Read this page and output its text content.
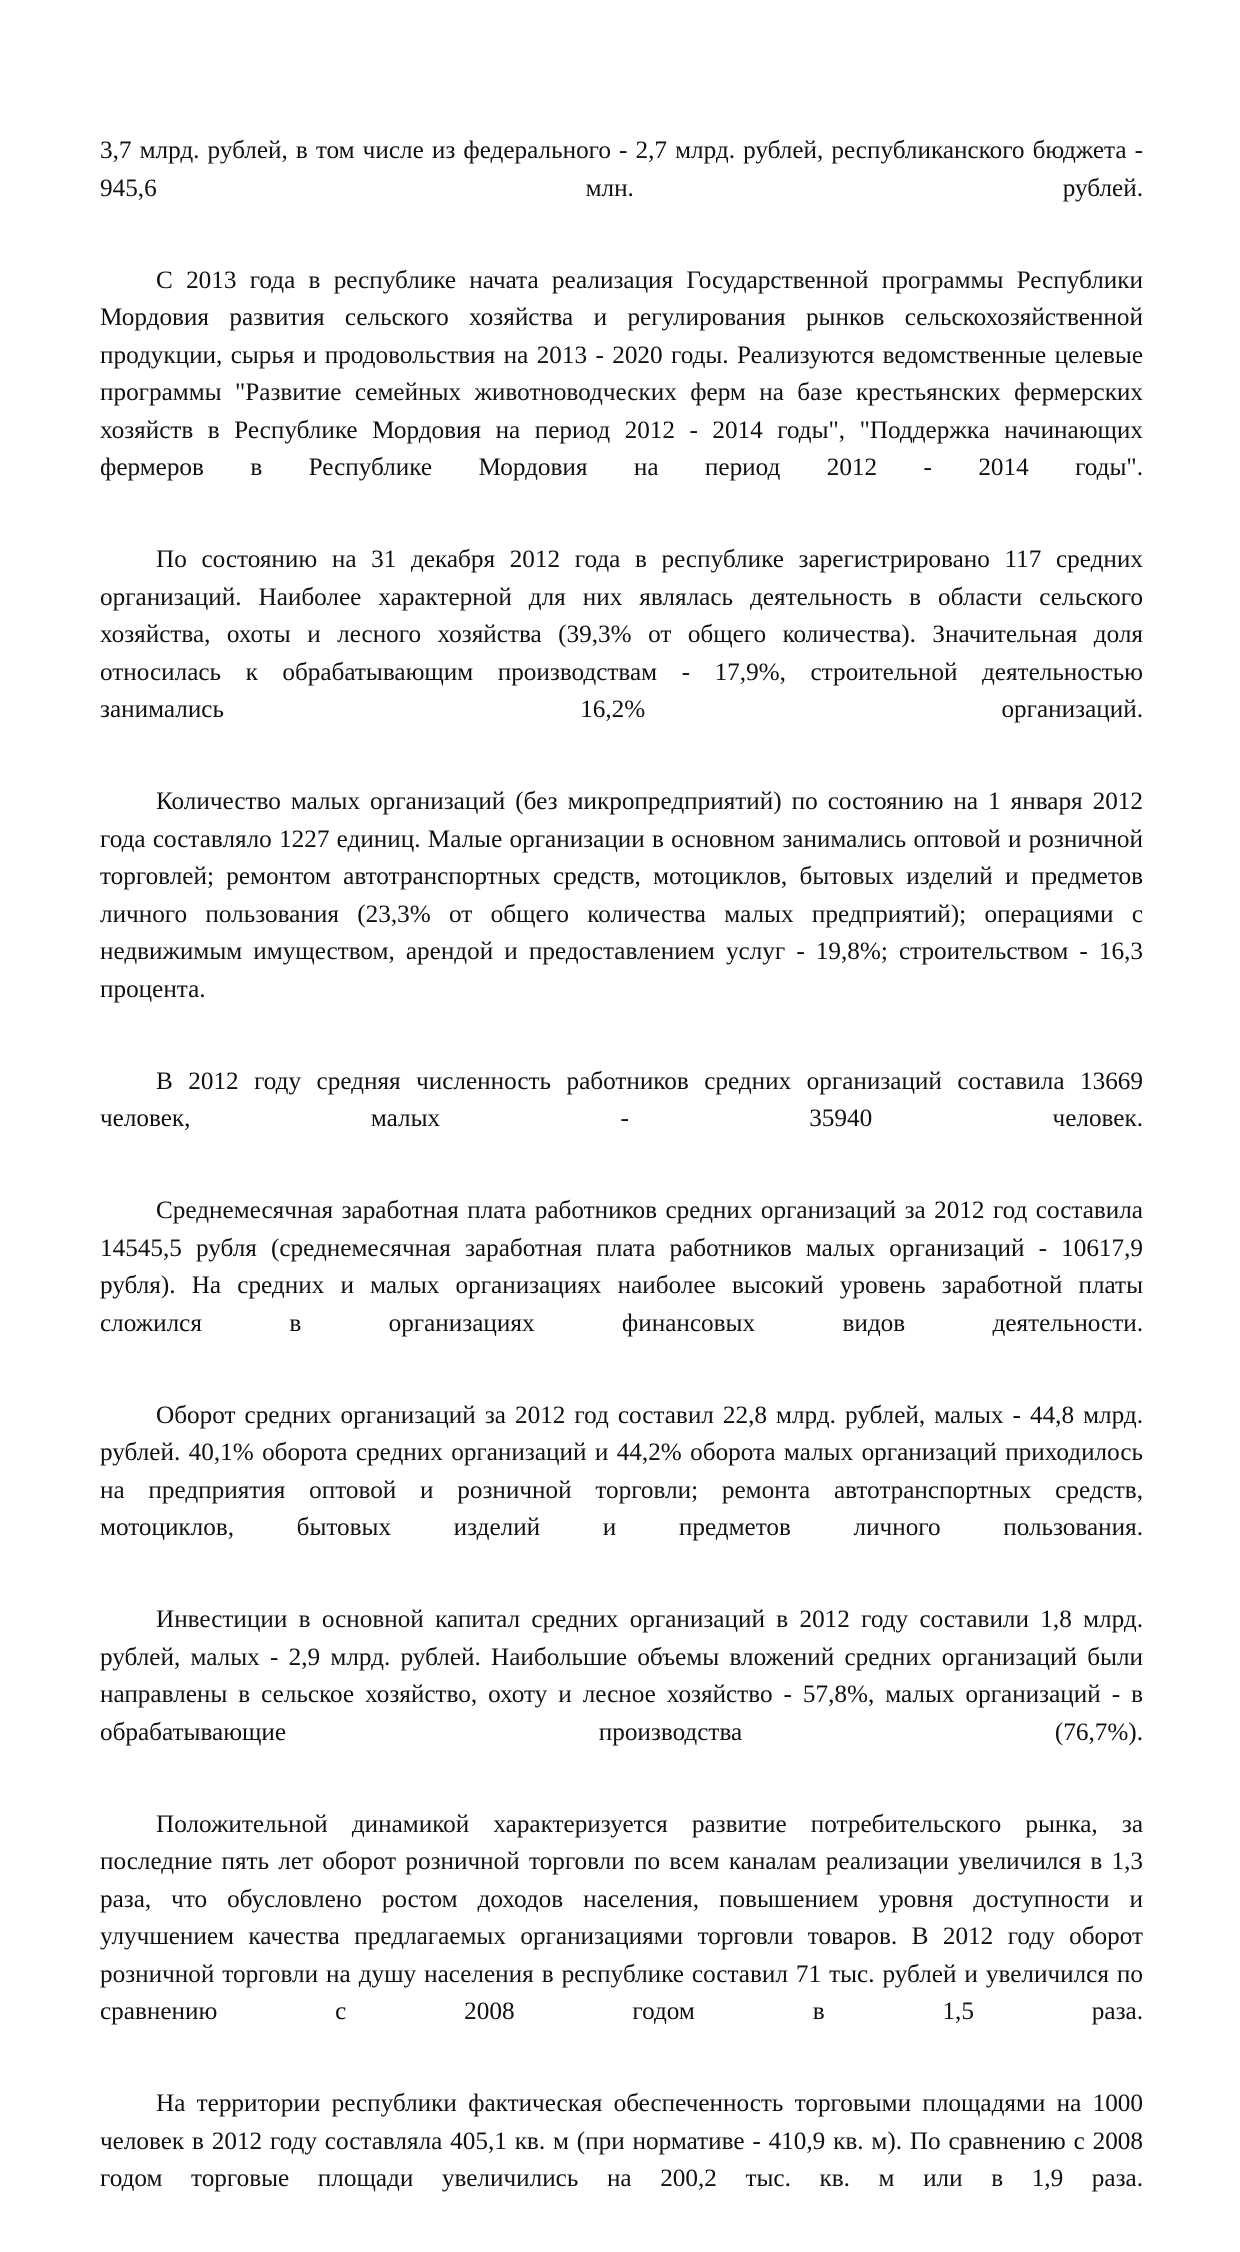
3,7 млрд. рублей, в том числе из федерального - 2,7 млрд. рублей, республиканского бюджета - 945,6 млн. рублей.

С 2013 года в республике начата реализация Государственной программы Республики Мордовия развития сельского хозяйства и регулирования рынков сельскохозяйственной продукции, сырья и продовольствия на 2013 - 2020 годы. Реализуются ведомственные целевые программы "Развитие семейных животноводческих ферм на базе крестьянских фермерских хозяйств в Республике Мордовия на период 2012 - 2014 годы", "Поддержка начинающих фермеров в Республике Мордовия на период 2012 - 2014 годы".

По состоянию на 31 декабря 2012 года в республике зарегистрировано 117 средних организаций. Наиболее характерной для них являлась деятельность в области сельского хозяйства, охоты и лесного хозяйства (39,3% от общего количества). Значительная доля относилась к обрабатывающим производствам - 17,9%, строительной деятельностью занимались 16,2% организаций.

Количество малых организаций (без микропредприятий) по состоянию на 1 января 2012 года составляло 1227 единиц. Малые организации в основном занимались оптовой и розничной торговлей; ремонтом автотранспортных средств, мотоциклов, бытовых изделий и предметов личного пользования (23,3% от общего количества малых предприятий); операциями с недвижимым имуществом, арендой и предоставлением услуг - 19,8%; строительством - 16,3 процента.

В 2012 году средняя численность работников средних организаций составила 13669 человек, малых - 35940 человек.

Среднемесячная заработная плата работников средних организаций за 2012 год составила 14545,5 рубля (среднемесячная заработная плата работников малых организаций - 10617,9 рубля). На средних и малых организациях наиболее высокий уровень заработной платы сложился в организациях финансовых видов деятельности.

Оборот средних организаций за 2012 год составил 22,8 млрд. рублей, малых - 44,8 млрд. рублей. 40,1% оборота средних организаций и 44,2% оборота малых организаций приходилось на предприятия оптовой и розничной торговли; ремонта автотранспортных средств, мотоциклов, бытовых изделий и предметов личного пользования.

Инвестиции в основной капитал средних организаций в 2012 году составили 1,8 млрд. рублей, малых - 2,9 млрд. рублей. Наибольшие объемы вложений средних организаций были направлены в сельское хозяйство, охоту и лесное хозяйство - 57,8%, малых организаций - в обрабатывающие производства (76,7%).

Положительной динамикой характеризуется развитие потребительского рынка, за последние пять лет оборот розничной торговли по всем каналам реализации увеличился в 1,3 раза, что обусловлено ростом доходов населения, повышением уровня доступности и улучшением качества предлагаемых организациями торговли товаров. В 2012 году оборот розничной торговли на душу населения в республике составил 71 тыс. рублей и увеличился по сравнению с 2008 годом в 1,5 раза.

На территории республики фактическая обеспеченность торговыми площадями на 1000 человек в 2012 году составляла 405,1 кв. м (при нормативе - 410,9 кв. м). По сравнению с 2008 годом торговые площади увеличились на 200,2 тыс. кв. м или в 1,9 раза.
